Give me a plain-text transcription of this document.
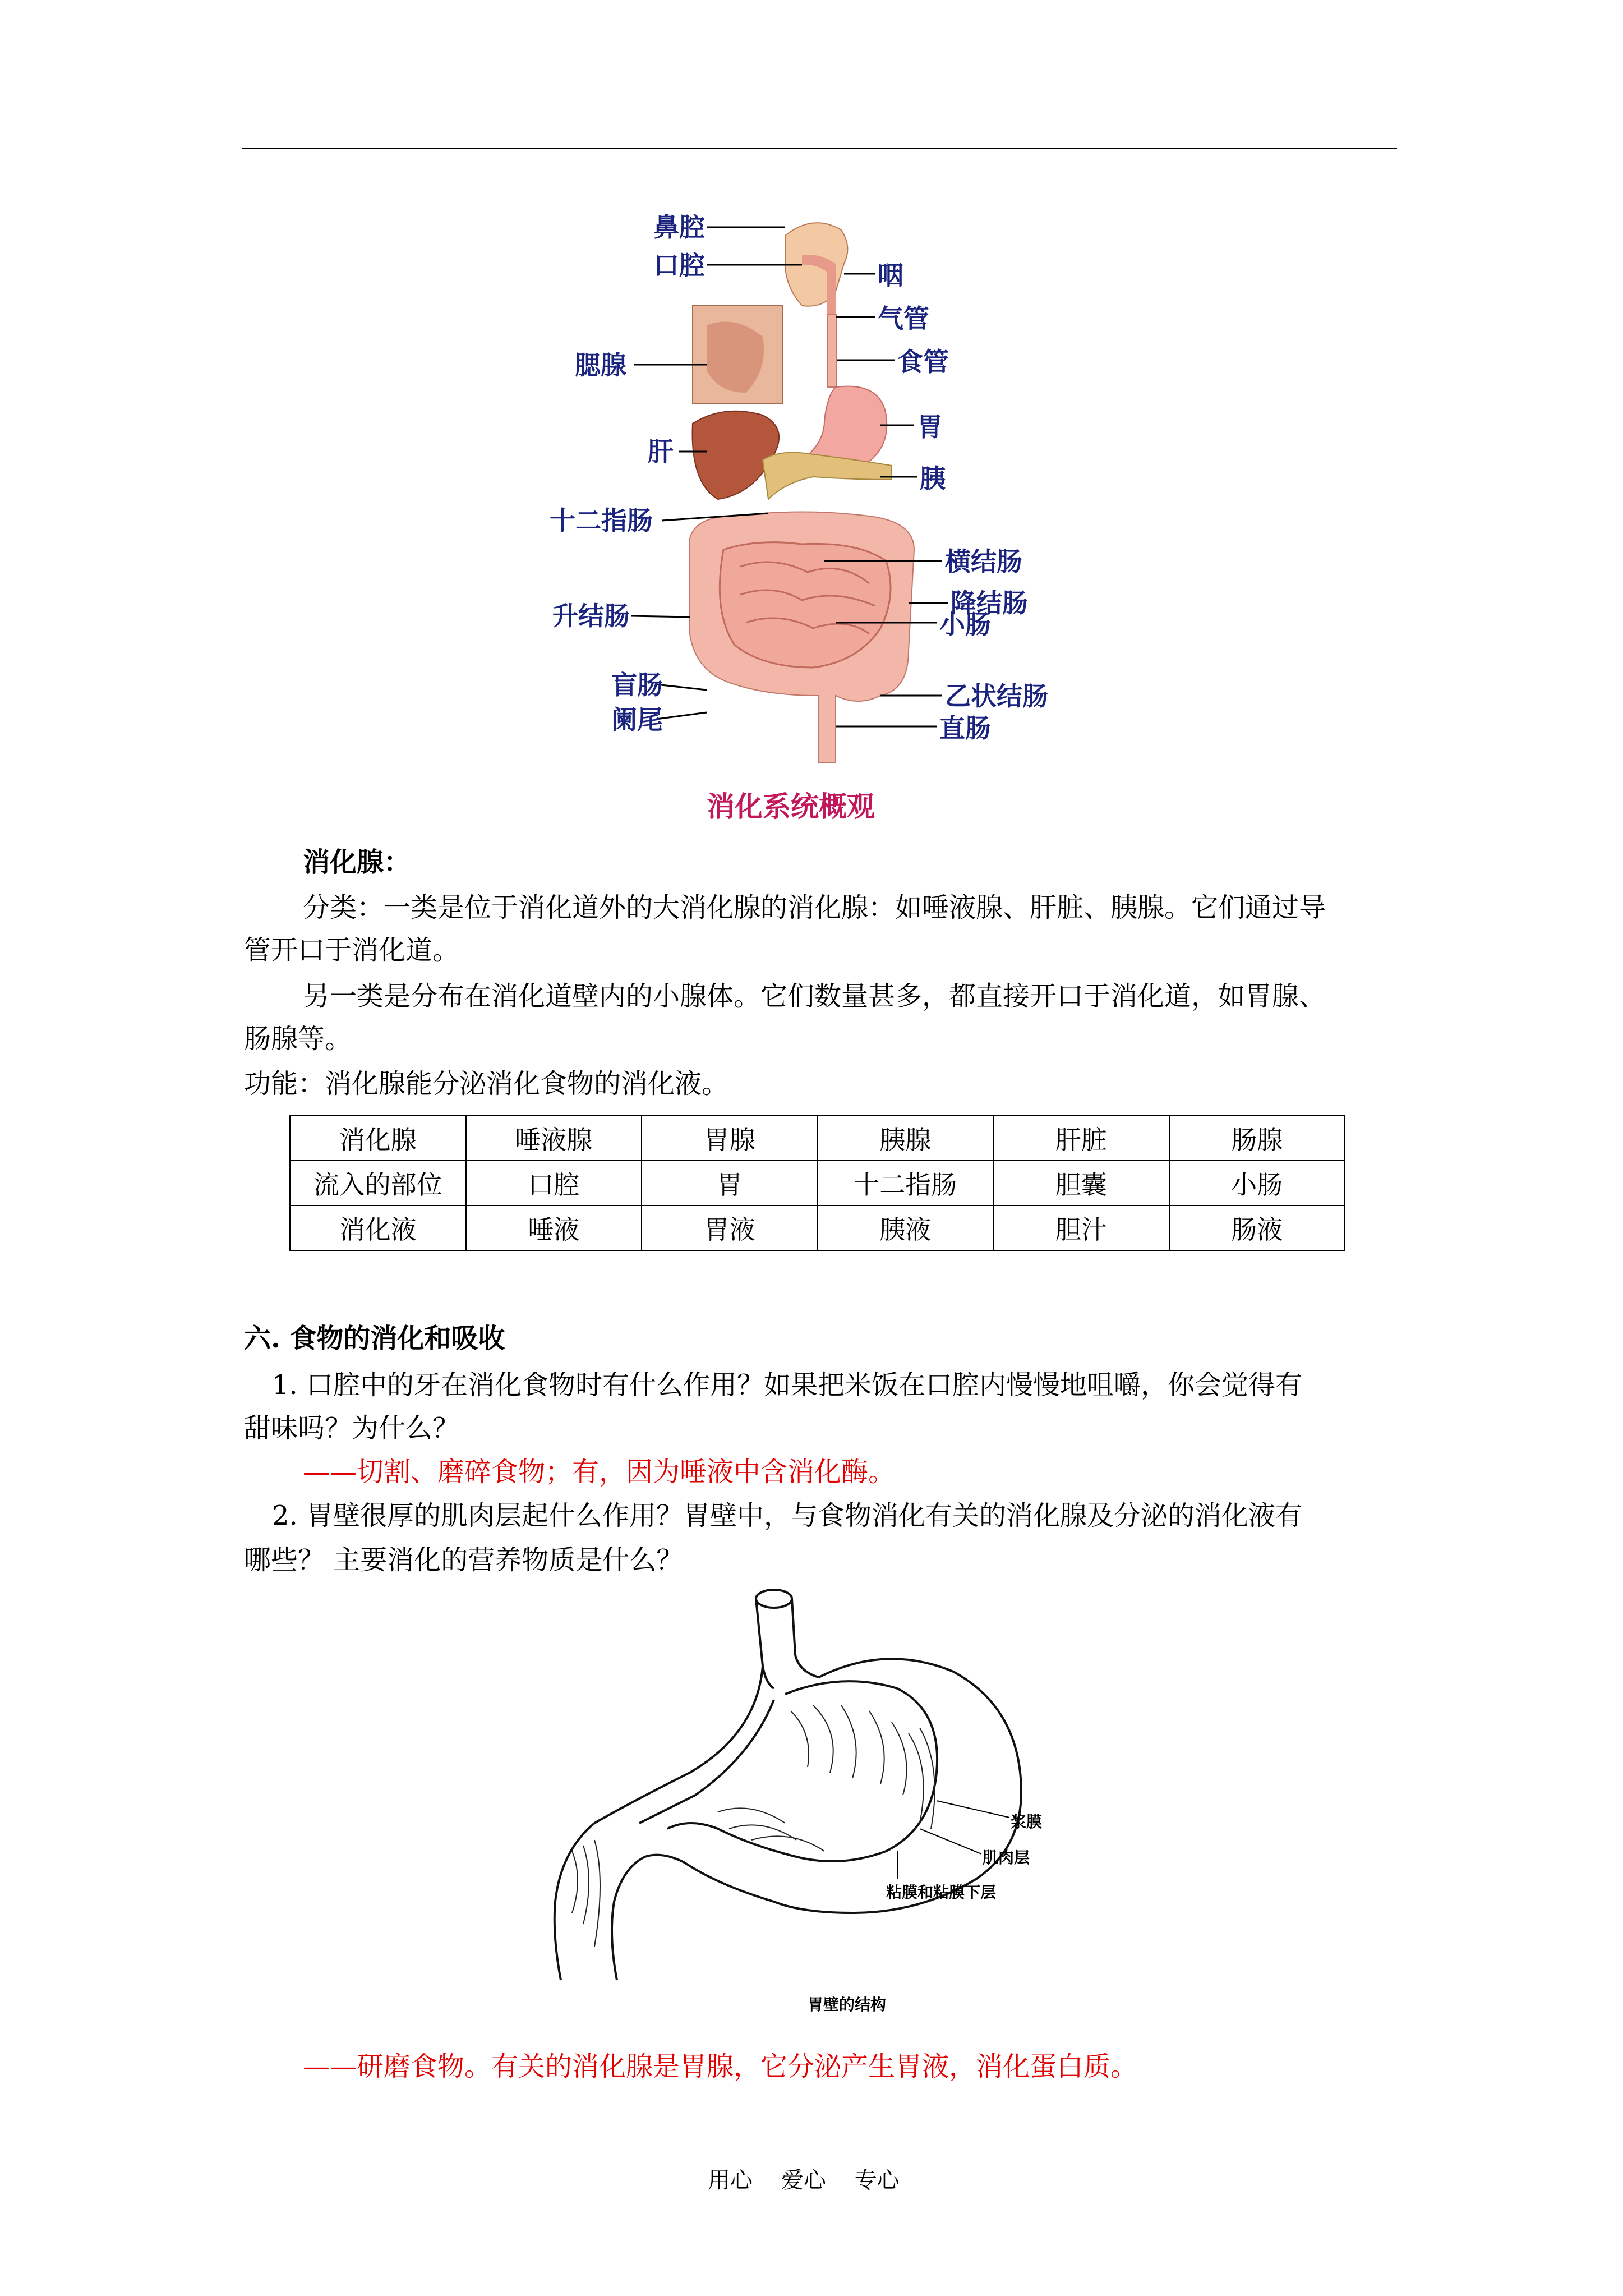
鼻腔
口腔
腮腺
肝
十二指肠
升结肠
盲肠
阑尾
咽
气管
食管
胃
胰
横结肠
降结肠
小肠
乙状结肠
直肠
消化系统概观
消化腺：
分类：一类是位于消化道外的大消化腺的消化腺：如唾液腺、肝脏、胰腺。它们通过导
管开口于消化道。
另一类是分布在消化道壁内的小腺体。它们数量甚多，都直接开口于消化道，如胃腺、
肠腺等。
功能：消化腺能分泌消化食物的消化液。
消化腺	唾液腺	胃腺	胰腺	肝脏	肠腺
流入的部位	口腔	胃	十二指肠	胆囊	小肠
消化液	唾液	胃液	胰液	胆汁	肠液
六. 食物的消化和吸收
1. 口腔中的牙在消化食物时有什么作用？如果把米饭在口腔内慢慢地咀嚼，你会觉得有
甜味吗？为什么？
——切割、磨碎食物；有，因为唾液中含消化酶。
2. 胃壁很厚的肌肉层起什么作用？胃壁中，与食物消化有关的消化腺及分泌的消化液有
哪些？ 主要消化的营养物质是什么？
浆膜
肌肉层
粘膜和粘膜下层
胃壁的结构
——研磨食物。有关的消化腺是胃腺，它分泌产生胃液，消化蛋白质。
用心    爱心    专心
